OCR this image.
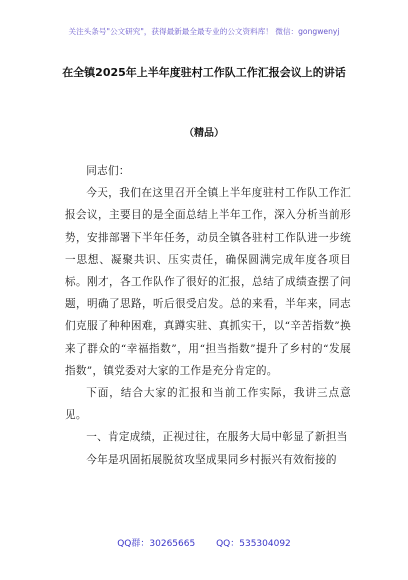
关注头条号"公文研究"，获得最新最全最专业的公文资料库！ 微信：gongwenyj
在全镇2025年上半年度驻村工作队工作汇报会议上的讲话
（精品）

同志们：

今天，我们在这里召开全镇上半年度驻村工作队工作汇报会议，主要目的是全面总结上半年工作，深入分析当前形势，安排部署下半年任务，动员全镇各驻村工作队进一步统一思想、凝聚共识、压实责任，确保圆满完成年度各项目标。刚才，各工作队作了很好的汇报，总结了成绩查摆了问题，明确了思路，听后很受启发。总的来看，半年来，同志们克服了种种困难，真蹲实驻、真抓实干，以“辛苦指数”换来了群众的“幸福指数”，用“担当指数”提升了乡村的“发展指数”，镇党委对大家的工作是充分肯定的。

下面，结合大家的汇报和当前工作实际，我讲三点意见。

一、肯定成绩，正视过往，在服务大局中彰显了新担当

今年是巩固拓展脱贫攻坚成果同乡村振兴有效衔接的

QQ群：30265665 QQ：535304092
